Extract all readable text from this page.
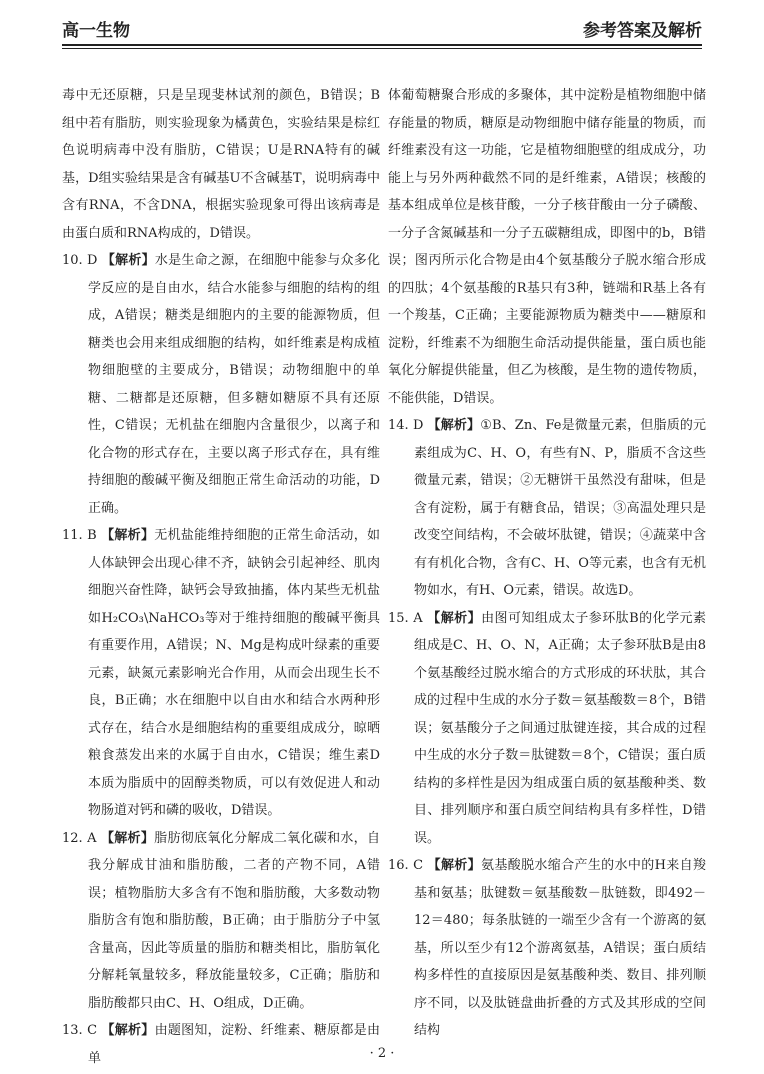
高一生物	参考答案及解析

毒中无还原糖，只是呈现斐林试剂的颜色，B错误；B组中若有脂肪，则实验现象为橘黄色，实验结果是棕红色说明病毒中没有脂肪，C错误；U是RNA特有的碱基，D组实验结果是含有碱基U不含碱基T，说明病毒中含有RNA，不含DNA，根据实验现象可得出该病毒是由蛋白质和RNA构成的，D错误。

10. D 【解析】水是生命之源，在细胞中能参与众多化学反应的是自由水，结合水能参与细胞的结构的组成，A错误；糖类是细胞内的主要的能源物质，但糖类也会用来组成细胞的结构，如纤维素是构成植物细胞壁的主要成分，B错误；动物细胞中的单糖、二糖都是还原糖，但多糖如糖原不具有还原性，C错误；无机盐在细胞内含量很少，以离子和化合物的形式存在，主要以离子形式存在，具有维持细胞的酸碱平衡及细胞正常生命活动的功能，D正确。

11. B 【解析】无机盐能维持细胞的正常生命活动，如人体缺钾会出现心律不齐，缺钠会引起神经、肌肉细胞兴奋性降，缺钙会导致抽搐，体内某些无机盐如H₂CO₃\NaHCO₃等对于维持细胞的酸碱平衡具有重要作用，A错误；N、Mg是构成叶绿素的重要元素，缺氮元素影响光合作用，从而会出现生长不良，B正确；水在细胞中以自由水和结合水两种形式存在，结合水是细胞结构的重要组成成分，晾晒粮食蒸发出来的水属于自由水，C错误；维生素D本质为脂质中的固醇类物质，可以有效促进人和动物肠道对钙和磷的吸收，D错误。

12. A 【解析】脂肪彻底氧化分解成二氧化碳和水，自我分解成甘油和脂肪酸，二者的产物不同，A错误；植物脂肪大多含有不饱和脂肪酸，大多数动物脂肪含有饱和脂肪酸，B正确；由于脂肪分子中氢含量高，因此等质量的脂肪和糖类相比，脂肪氧化分解耗氧量较多，释放能量较多，C正确；脂肪和脂肪酸都只由C、H、O组成，D正确。

13. C 【解析】由题图知，淀粉、纤维素、糖原都是由单

体葡萄糖聚合形成的多聚体，其中淀粉是植物细胞中储存能量的物质，糖原是动物细胞中储存能量的物质，而纤维素没有这一功能，它是植物细胞壁的组成成分，功能上与另外两种截然不同的是纤维素，A错误；核酸的基本组成单位是核苷酸，一分子核苷酸由一分子磷酸、一分子含氮碱基和一分子五碳糖组成，即图中的b，B错误；图丙所示化合物是由4个氨基酸分子脱水缩合形成的四肽；4个氨基酸的R基只有3种，链端和R基上各有一个羧基，C正确；主要能源物质为糖类中——糖原和淀粉，纤维素不为细胞生命活动提供能量，蛋白质也能氧化分解提供能量，但乙为核酸，是生物的遗传物质，不能供能，D错误。

14. D 【解析】①B、Zn、Fe是微量元素，但脂质的元素组成为C、H、O，有些有N、P，脂质不含这些微量元素，错误；②无糖饼干虽然没有甜味，但是含有淀粉，属于有糖食品，错误；③高温处理只是改变空间结构，不会破坏肽键，错误；④蔬菜中含有有机化合物，含有C、H、O等元素，也含有无机物如水，有H、O元素，错误。故选D。

15. A 【解析】由图可知组成太子参环肽B的化学元素组成是C、H、O、N，A正确；太子参环肽B是由8个氨基酸经过脱水缩合的方式形成的环状肽，其合成的过程中生成的水分子数＝氨基酸数＝8个，B错误；氨基酸分子之间通过肽键连接，其合成的过程中生成的水分子数＝肽键数＝8个，C错误；蛋白质结构的多样性是因为组成蛋白质的氨基酸种类、数目、排列顺序和蛋白质空间结构具有多样性，D错误。

16. C 【解析】氨基酸脱水缩合产生的水中的H来自羧基和氨基；肽键数＝氨基酸数－肽链数，即492－12＝480；每条肽链的一端至少含有一个游离的氨基，所以至少有12个游离氨基，A错误；蛋白质结构多样性的直接原因是氨基酸种类、数目、排列顺序不同，以及肽链盘曲折叠的方式及其形成的空间结构

· 2 ·
